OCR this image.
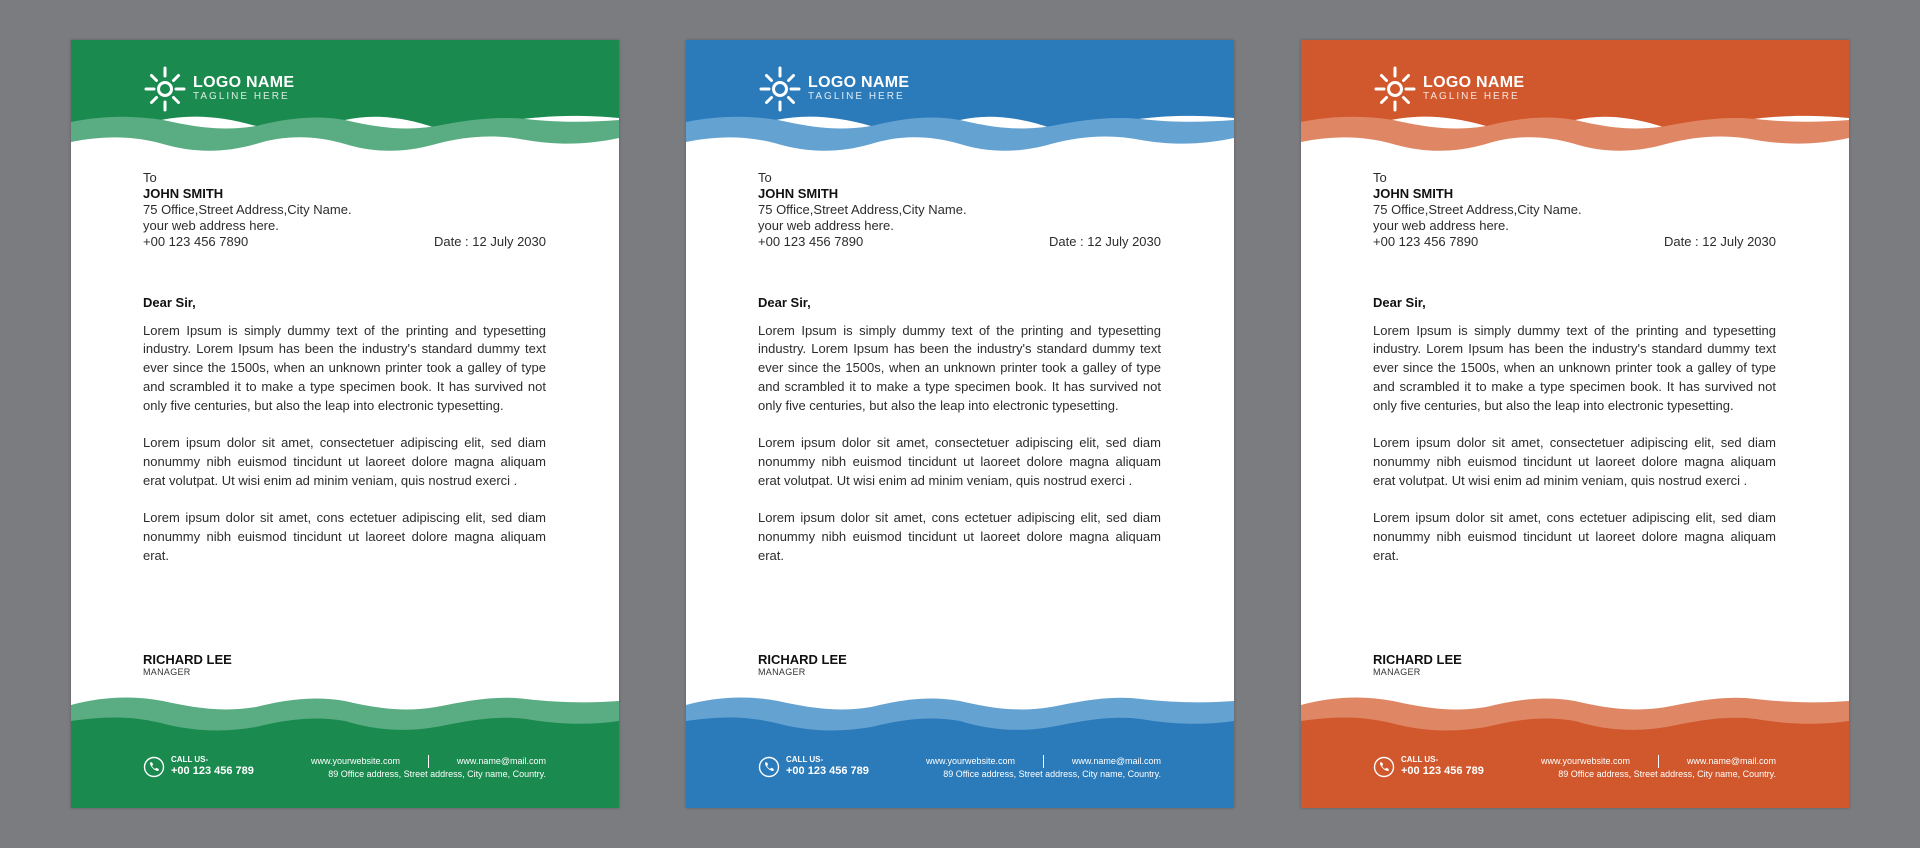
LOGO NAME
TAGLINE HERE
To
JOHN SMITH
75 Office,Street Address,City Name.
your web address here.
+00 123 456 7890	Date : 12 July 2030
Dear Sir,

Lorem Ipsum is simply dummy text of the printing and typesetting industry. Lorem Ipsum has been the industry's standard dummy text ever since the 1500s, when an unknown printer took a galley of type and scrambled it to make a type specimen book. It has survived not only five centuries, but also the leap into electronic typesetting.

Lorem ipsum dolor sit amet, consectetuer adipiscing elit, sed diam nonummy nibh euismod tincidunt ut laoreet dolore magna aliquam erat volutpat. Ut wisi enim ad minim veniam, quis nostrud exerci .

Lorem ipsum dolor sit amet, cons ectetuer adipiscing elit, sed diam nonummy nibh euismod tincidunt ut laoreet dolore magna aliquam erat.

RICHARD LEE
MANAGER
CALL US-
+00 123 456 789
www.yourwebsite.com	www.name@mail.com
89 Office address, Street address, City name, Country.
LOGO NAME
TAGLINE HERE
To
JOHN SMITH
75 Office,Street Address,City Name.
your web address here.
+00 123 456 7890	Date : 12 July 2030
Dear Sir,

Lorem Ipsum is simply dummy text of the printing and typesetting industry. Lorem Ipsum has been the industry's standard dummy text ever since the 1500s, when an unknown printer took a galley of type and scrambled it to make a type specimen book. It has survived not only five centuries, but also the leap into electronic typesetting.

Lorem ipsum dolor sit amet, consectetuer adipiscing elit, sed diam nonummy nibh euismod tincidunt ut laoreet dolore magna aliquam erat volutpat. Ut wisi enim ad minim veniam, quis nostrud exerci .

Lorem ipsum dolor sit amet, cons ectetuer adipiscing elit, sed diam nonummy nibh euismod tincidunt ut laoreet dolore magna aliquam erat.

RICHARD LEE
MANAGER
CALL US-
+00 123 456 789
www.yourwebsite.com	www.name@mail.com
89 Office address, Street address, City name, Country.
LOGO NAME
TAGLINE HERE
To
JOHN SMITH
75 Office,Street Address,City Name.
your web address here.
+00 123 456 7890	Date : 12 July 2030
Dear Sir,

Lorem Ipsum is simply dummy text of the printing and typesetting industry. Lorem Ipsum has been the industry's standard dummy text ever since the 1500s, when an unknown printer took a galley of type and scrambled it to make a type specimen book. It has survived not only five centuries, but also the leap into electronic typesetting.

Lorem ipsum dolor sit amet, consectetuer adipiscing elit, sed diam nonummy nibh euismod tincidunt ut laoreet dolore magna aliquam erat volutpat. Ut wisi enim ad minim veniam, quis nostrud exerci .

Lorem ipsum dolor sit amet, cons ectetuer adipiscing elit, sed diam nonummy nibh euismod tincidunt ut laoreet dolore magna aliquam erat.

RICHARD LEE
MANAGER
CALL US-
+00 123 456 789
www.yourwebsite.com	www.name@mail.com
89 Office address, Street address, City name, Country.
